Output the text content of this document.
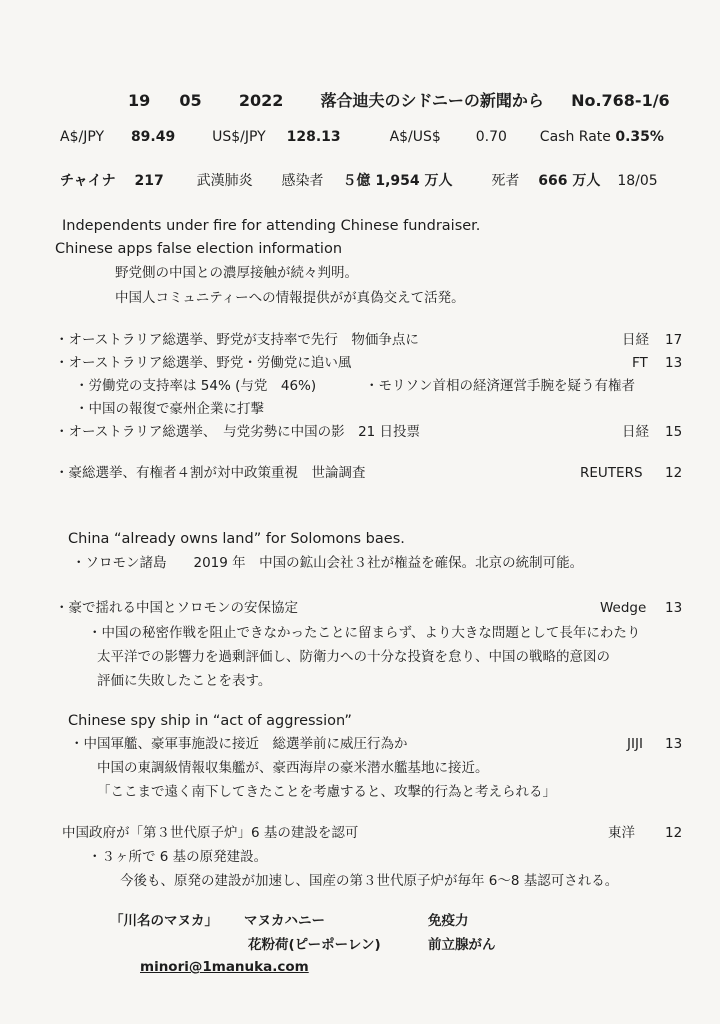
19 05 2022 落合迪夫のシドニーの新聞から No.768-1/6
A$/JPY 89.49	US$/JPY 128.13	A$/US$ 0.70 Cash Rate 0.35%
チャイナ 217 武漢肺炎 感染者 ５億 1,954 万人	死者 666 万人 18/05
Independents under fire for attending Chinese fundraiser.
Chinese apps false election information
野党側の中国との濃厚接触が続々判明。
中国人コミュニティーへの情報提供がが真偽交えて活発。
・オーストラリア総選挙、野党が支持率で先行　物価争点に	日経 17
・オーストラリア総選挙、野党・労働党に追い風	FT 13
・労働党の支持率は 54% (与党　46%)	・モリソン首相の経済運営手腕を疑う有権者
・中国の報復で豪州企業に打撃
・オーストラリア総選挙、　与党劣勢に中国の影　21 日投票	日経 15
・豪総選挙、有権者４割が対中政策重視　世論調査	REUTERS 12
China “already owns land” for Solomons baes.
・ソロモン諸島　　2019 年　中国の鉱山会社３社が権益を確保。北京の統制可能。
・豪で揺れる中国とソロモンの安保協定	Wedge 13
・中国の秘密作戦を阻止できなかったことに留まらず、より大きな問題として長年にわたり
太平洋での影響力を過剰評価し、防衛力への十分な投資を怠り、中国の戦略的意図の
評価に失敗したことを表す。
Chinese spy ship in “act of aggression”
・中国軍艦、豪軍事施設に接近　総選挙前に威圧行為か	JIJI 13
中国の東調級情報収集艦が、豪西海岸の豪米潜水艦基地に接近。
「ここまで遠く南下してきたことを考慮すると、攻撃的行為と考えられる」
中国政府が「第３世代原子炉」6 基の建設を認可	東洋 12
・３ヶ所で 6 基の原発建設。
今後も、原発の建設が加速し、国産の第３世代原子炉が毎年 6～8 基認可される。
「川名のマヌカ」 マヌカハニー	免疫力
花粉荷(ピーポーレン)	前立腺がん
minori@1manuka.com
